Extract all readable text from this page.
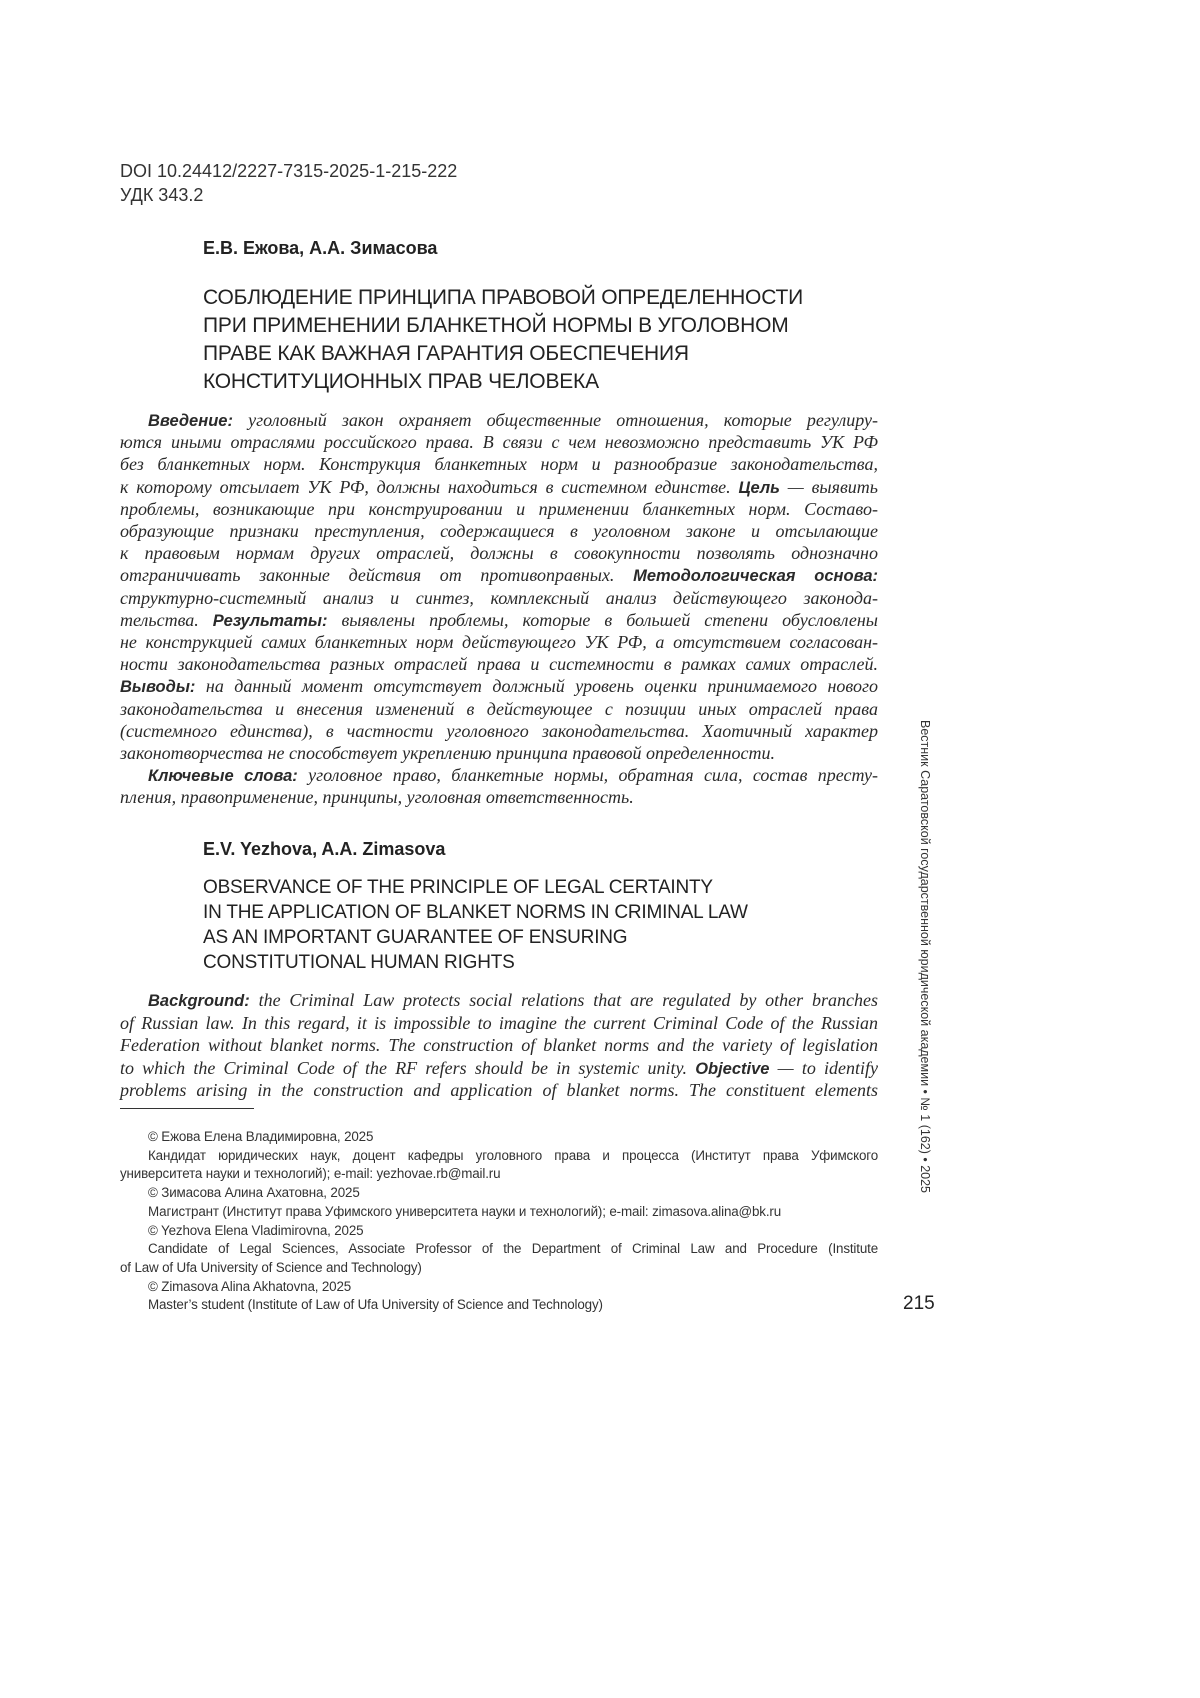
DOI 10.24412/2227-7315-2025-1-215-222
УДК 343.2
Е.В. Ежова, А.А. Зимасова
СОБЛЮДЕНИЕ ПРИНЦИПА ПРАВОВОЙ ОПРЕДЕЛЕННОСТИ
ПРИ ПРИМЕНЕНИИ БЛАНКЕТНОЙ НОРМЫ В УГОЛОВНОМ
ПРАВЕ КАК ВАЖНАЯ ГАРАНТИЯ ОБЕСПЕЧЕНИЯ
КОНСТИТУЦИОННЫХ ПРАВ ЧЕЛОВЕКА
Введение: уголовный закон охраняет общественные отношения, которые регулиру-
ются иными отраслями российского права. В связи с чем невозможно представить УК РФ
без бланкетных норм. Конструкция бланкетных норм и разнообразие законодательства,
к которому отсылает УК РФ, должны находиться в системном единстве. Цель — выявить
проблемы, возникающие при конструировании и применении бланкетных норм. Составо-
образующие признаки преступления, содержащиеся в уголовном законе и отсылающие
к правовым нормам других отраслей, должны в совокупности позволять однозначно
отграничивать законные действия от противоправных. Методологическая основа:
структурно-системный анализ и синтез, комплексный анализ действующего законода-
тельства. Результаты: выявлены проблемы, которые в большей степени обусловлены
не конструкцией самих бланкетных норм действующего УК РФ, а отсутствием согласован-
ности законодательства разных отраслей права и системности в рамках самих отраслей.
Выводы: на данный момент отсутствует должный уровень оценки принимаемого нового
законодательства и внесения изменений в действующее с позиции иных отраслей права
(системного единства), в частности уголовного законодательства. Хаотичный характер
законотворчества не способствует укреплению принципа правовой определенности.
Ключевые слова: уголовное право, бланкетные нормы, обратная сила, состав престу-
пления, правоприменение, принципы, уголовная ответственность.
E.V. Yezhova, A.A. Zimasova
OBSERVANCE OF THE PRINCIPLE OF LEGAL CERTAINTY
IN THE APPLICATION OF BLANKET NORMS IN CRIMINAL LAW
AS AN IMPORTANT GUARANTEE OF ENSURING
CONSTITUTIONAL HUMAN RIGHTS
Background: the Criminal Law protects social relations that are regulated by other branches
of Russian law. In this regard, it is impossible to imagine the current Criminal Code of the Russian
Federation without blanket norms. The construction of blanket norms and the variety of legislation
to which the Criminal Code of the RF refers should be in systemic unity. Objective — to identify
problems arising in the construction and application of blanket norms. The constituent elements
© Ежова Елена Владимировна, 2025
Кандидат юридических наук, доцент кафедры уголовного права и процесса (Институт права Уфимского
университета науки и технологий); e-mail: yezhovae.rb@mail.ru
© Зимасова Алина Ахатовна, 2025
Магистрант (Институт права Уфимского университета науки и технологий); e-mail: zimasova.alina@bk.ru
© Yezhova Elena Vladimirovna, 2025
Candidate of Legal Sciences, Associate Professor of the Department of Criminal Law and Procedure (Institute
of Law of Ufa University of Science and Technology)
© Zimasova Alina Akhatovna, 2025
Master’s student (Institute of Law of Ufa University of Science and Technology)
Вестник Саратовской государственной юридической академии • № 1 (162) • 2025
215
